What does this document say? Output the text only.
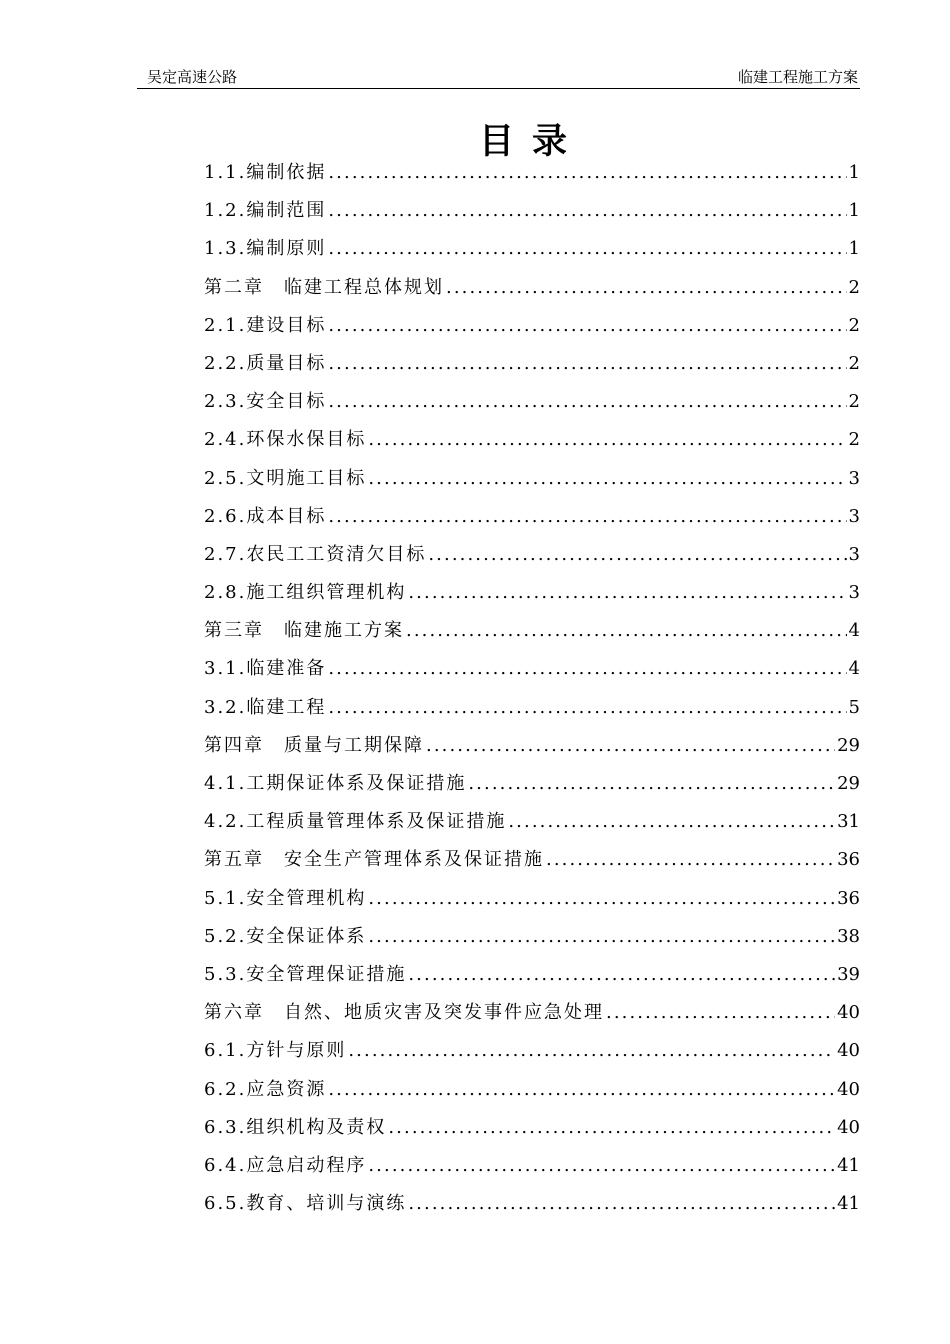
吴定高速公路	临建工程施工方案
目录
1.1.编制依据 .....	1
1.2.编制范围 .....	1
1.3.编制原则 .....	1
第二章　临建工程总体规划 .....	2
2.1.建设目标 .....	2
2.2.质量目标 .....	2
2.3.安全目标 .....	2
2.4.环保水保目标 .....	2
2.5.文明施工目标 .....	3
2.6.成本目标 .....	3
2.7.农民工工资清欠目标 .....	3
2.8.施工组织管理机构 .....	3
第三章　临建施工方案 .....	4
3.1.临建准备 .....	4
3.2.临建工程 .....	5
第四章　质量与工期保障 .....	29
4.1.工期保证体系及保证措施 .....	29
4.2.工程质量管理体系及保证措施 .....	31
第五章　安全生产管理体系及保证措施 .....	36
5.1.安全管理机构 .....	36
5.2.安全保证体系 .....	38
5.3.安全管理保证措施 .....	39
第六章　自然、地质灾害及突发事件应急处理 .....	40
6.1.方针与原则 .....	40
6.2.应急资源 .....	40
6.3.组织机构及责权 .....	40
6.4.应急启动程序 .....	41
6.5.教育、培训与演练 .....	41
